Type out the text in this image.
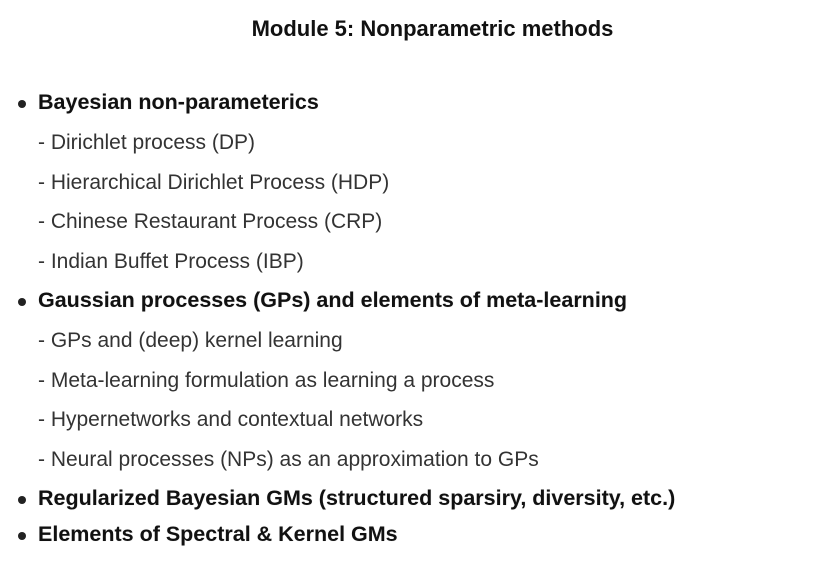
Module 5: Nonparametric methods
Bayesian non-parameterics
- Dirichlet process (DP)
- Hierarchical Dirichlet Process (HDP)
- Chinese Restaurant Process (CRP)
- Indian Buffet Process (IBP)
Gaussian processes (GPs) and elements of meta-learning
- GPs and (deep) kernel learning
- Meta-learning formulation as learning a process
- Hypernetworks and contextual networks
- Neural processes (NPs) as an approximation to GPs
Regularized Bayesian GMs (structured sparsiry, diversity, etc.)
Elements of Spectral & Kernel GMs
